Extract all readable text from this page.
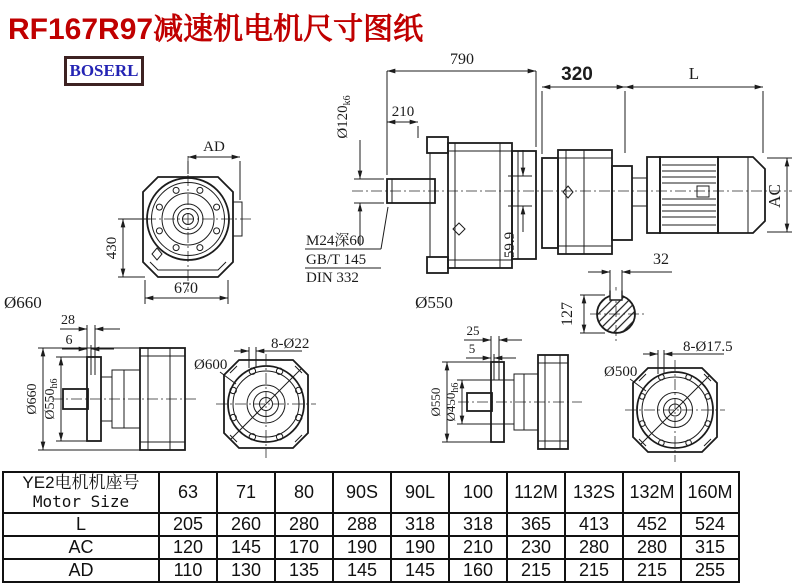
AD
430
670
790
210
Ø120k6
M24深60
GB/T 145
DIN 332
59.9
320	L
AC
32
127
Ø660
28
6
Ø660 Ø550h6
Ø600
8-Ø22
Ø550
25
5
Ø550 Ø450h6
Ø500
8-Ø17.5
RF167R97减速机电机尺寸图纸
BOSERL
YE2电机机座号
Motor Size	63	71	80	90S	90L	100	112M	132S	132M	160M
L	205	260	280	288	318	318	365	413	452	524
AC	120	145	170	190	190	210	230	280	280	315
AD	110	130	135	145	145	160	215	215	215	255
